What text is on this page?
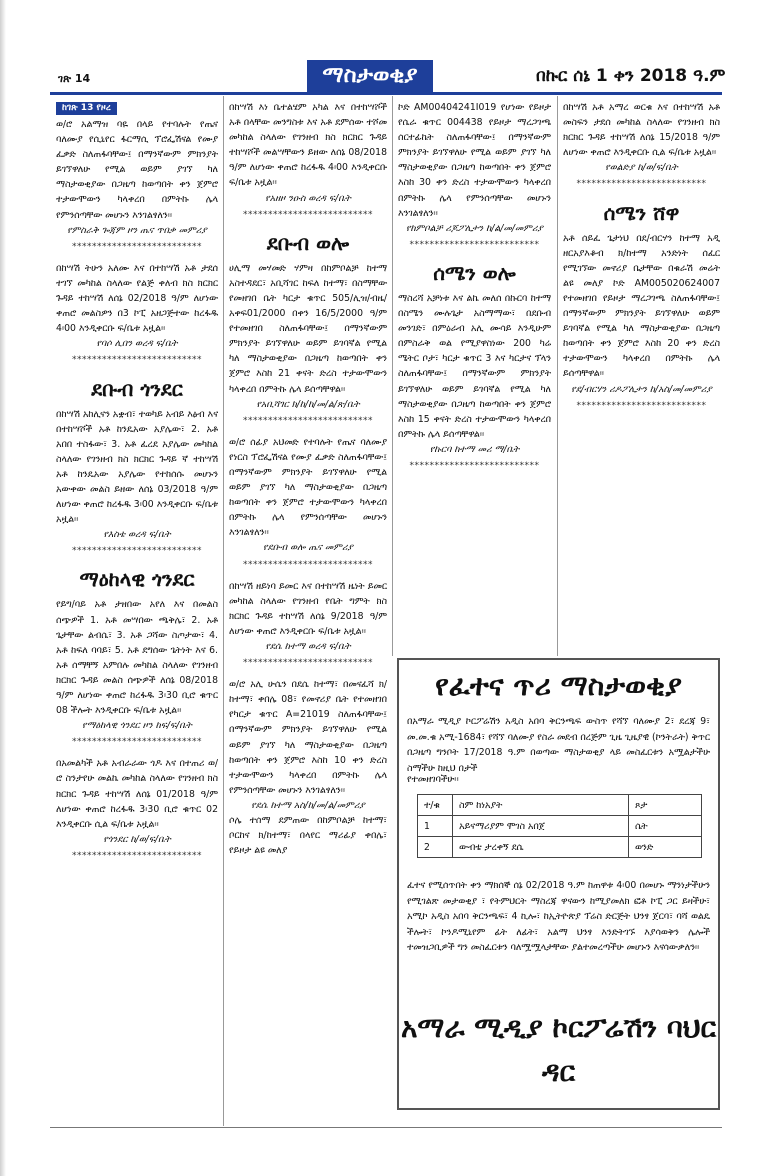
ገጽ 14	ማስታወቂያ	በኩር ሰኔ 1 ቀን 2018 ዓ.ም
ከገጽ 13 የዞረ

ወ/ሮ አልማዝ ባዬ በላይ የተባሉት የጤና ባለሙያ የሲኒየር ፋርማሲ ፕሮፌሽናል የሙያ ፈቃድ ስለጠፋባቸው፤ በማንኛውም ምክንያት ይገኘዋለሁ የሚል ወይም ያገኘ ካለ ማስታወቂያው በጋዜጣ ከወጣበት ቀን ጀምሮ ተታውሞውን ካላቀረበ በምትኩ ሌላ የምንሰጣቸው መሆኑን እንገልፃለን፡፡

የምስራቅ ጐጃም ዞን ጤና ጥበቃ መምሪያ

**************************

በከሣሽ ትሁን አለሙ እና በተከሣሽ አቶ ታደሰ ተገኘ መካከል ስላለው የልጅ ቀለብ ክስ ክርክር ጉዳይ ተከሣሽ ለሰኔ 02/2018 ዓ/ም ለሆነው ቀጠሮ መልስዎን በ3 ኮፒ አዘጋጅተው ከረፋዱ 4፡00 እንዲቀርቡ ፍ/ቤቱ አዟል፡፡

የባሶ ሊበን ወረዳ ፍ/ቤት

**************************
ደቡብ ጎንደር

በከሣሽ አከሊናን አቋብ፣ ተወካይ አብይ እፅብ እና በተከሣሾች አቶ ከንዴአው አያሌው፣ 2. አቶ አበበ ተስፋው፣ 3. አቶ ፈረደ አያሌው መካከል ስላለው የገንዘብ ክስ ክርክር ጉዳይ ኛ ተከሣሽ አቶ ከንዴአው አያሌው የተከሰሱ መሆኑን አውቀው መልስ ይዘው ለሰኔ 03/2018 ዓ/ም ለሆነው ቀጠሮ ከረፋዱ 3፡00 እንዲቀርቡ ፍ/ቤቱ አዟል፡፡

የእስቴ ወረዳ ፍ/ቤት

**************************
ማዕከላዊ ጎንደር

የይግ/ባይ አቶ ታዘበው አየለ እና በመልስ ሰጭዎች 1. አቶ መሣበው ጫቅሌ፣ 2. አቶ ጌታቸው ልብሴ፣ 3. አቶ ጋሻው ስጦታው፣ 4. አቶ ከፍለ ባባይ፣ 5. አቶ ደግሰው ጌትነት እና 6. አቶ ሰማቸኝ አምበሉ መካከል ስላለው የገንዘብ ክርክር ጉዳይ መልስ ሰጭዎች ለሰኔ 08/2018 ዓ/ም ለሆነው ቀጠሮ ከረፋዱ 3፡30 ቢሮ ቁጥር 08 ችሎት እንዲቀርቡ ፍ/ቤቱ አዟል፡፡

የማዕከላዊ ጎንደር ዞን ከፍ/ፍ/ቤት

**************************

በአመልካች አቶ አብራራው ጎዶ እና በተጠሪ ወ/ሮ ስንታየሁ መልኬ መካከል ስላለው የገንዘብ ክስ ክርክር ጉዳይ ተከሣሽ ለሰኔ 01/2018 ዓ/ም ለሆነው ቀጠሮ ከረፋዱ 3፡30 ቢሮ ቁጥር 02 እንዲቀርቡ ሲል ፍ/ቤቱ አዟል፡፡

የጎንደር ከ/ወ/ፍ/ቤት

**************************

በከሣሽ እነ ቤተልሄም አካል እና በተከሣሾች አቶ በላቸው መንግስቱ እና አቶ ደምሰው ተሾመ መካከል ስላለው የገንዘብ ክስ ክርክር ጉዳይ ተከሣሾች መልሣቸውን ይዘው ለሰኔ 08/2018 ዓ/ም ለሆነው ቀጠሮ ከረፋዱ 4፡00 እንዲቀርቡ ፍ/ቤቱ አዟል፡፡

የአዘዞ ንዑስ ወረዳ ፍ/ቤት

**************************
ደቡብ ወሎ

ሀሊማ መሃመድ ሃምዛ በከምቦልቻ ከተማ አስተዳደር፣ አቢሻገር ከፍለ ከተማ፣ በስማቸው የመዘገበ ቤት ካርታ ቁጥር 505/ሊዝ/ብዜ/አቀፍ01/2000 በቀን 16/5/2000 ዓ/ም የተመዘገበ ስለጠፋባቸው፤ በማንኛውም ምክንያት ይገኘዋለሁ ወይም ይገባኛል የሚል ካለ ማስታወቂያው በጋዜጣ ከወጣበት ቀን ጀምሮ እስከ 21 ቀናት ድረስ ተታውሞውን ካላቀረበ በምትኩ ሌላ ይሰጣቸዋል፡፡

የአቢሻገር ክ/ከ/ከ/መ/ል/ጽ/ቤት

**************************

ወ/ሮ ሰፊያ አህመድ የተባሉት የጤና ባለሙያ የነርስ ፕሮፌሽናል የሙያ ፈቃድ ስለጠፋባቸው፤ በማንኛውም ምክንያት ይገኘዋለሁ የሚል ወይም ያገኘ ካለ ማስታወቂያው በጋዜጣ ከወጣበት ቀን ጀምሮ ተታውሞውን ካላቀረበ በምትኩ ሌላ የምንሰጣቸው መሆኑን እንገልፃለን፡፡

የደቡብ ወሎ ጤና መምሪያ

**************************

በከሣሽ ዘይነባ ይመር እና በተከሣሽ ዜነት ይመር መካከል ስላለው የገንዘብ የቤት ግምት ክስ ክርክር ጉዳይ ተከሣሽ ለሰኔ 9/2018 ዓ/ም ለሆነው ቀጠሮ እንዲቀርቡ ፍ/ቤቱ አዟል፡፡

የደሴ ከተማ ወረዳ ፍ/ቤት

**************************

ወ/ሮ አሊ ሁሴን በደሴ ከተማ፣ በመናፈሻ ክ/ከተማ፣ ቀበሌ 08፣ የመኖሪያ ቤት የተመዘገበ የካርታ ቁጥር A=21019 ስለጠፋባቸው፤ በማንኛውም ምክንያት ይገኘዋለሁ የሚል ወይም ያገኘ ካለ ማስታወቂያው በጋዜጣ ከወጣበት ቀን ጀምሮ እስከ 10 ቀን ድረስ ተታውሞውን ካላቀረበ በምትኩ ሌላ የምንሰጣቸው መሆኑን እንገልፃለን፡፡

የደሴ ከተማ አስ/ከ/መ/ል/መምሪያ

ሶሌ ተሰማ ደምጠው በከምቦልቻ ከተማ፣ ቦርከና ክ/ከተማ፣ በላየር ማሪፊያ ቀበሌ፣ የይዞታ ልዩ መለያ

ኮድ AM00404241I019 የሆነው የይዞታ የሴራ ቁጥር 004438 የይዞታ ማረጋገጫ ሰርተፊኬት ስለጠፋባቸው፤ በማንኛውም ምክንያት ይገኘዋለሁ የሚል ወይም ያገኘ ካለ ማስታወቂያው በጋዜጣ ከወጣበት ቀን ጀምሮ እስከ 30 ቀን ድረስ ተታውሞውን ካላቀረበ በምትኩ ሌላ የምንሰጣቸው መሆኑን እንገልፃለን፡፡

የከምቦልቻ ሪጆፖሊታን ከ/ል/መ/መምሪያ

**************************
ሰሜን ወሎ

ማስረሻ አቻነቱ እና ልኬ መለሰ በኩርባ ከተማ በስሜን ሙሉጌታ አስማማው፣ በደቡብ መንገድ፣ በምዕራብ አሊ ሙሳይ እንዲሁም በምስራቅ ወል የሚያዋስነው 200 ካሬ ሜትር ቦታ፣ ካርታ ቁጥር 3 እና ካርታና ፕላን ስለጠፋባቸው፤ በማንኛውም ምክንያት ይገኘዋለሁ ወይም ይገባኛል የሚል ካለ ማስታወቂያው በጋዜጣ ከወጣበት ቀን ጀምሮ እስከ 15 ቀናት ድረስ ተታውሞውን ካላቀረበ በምትኩ ሌላ ይሰጣቸዋል፡፡

የኩርባ ከተማ መሪ ማ/ቤት

**************************

በከሣሽ አቶ አማረ ወርቁ እና በተከሣሽ አቶ መስፍን ታደሰ መካከል ስላለው የገንዘብ ክስ ክርክር ጉዳይ ተከሣሽ ለሰኔ 15/2018 ዓ/ም ለሆነው ቀጠሮ እንዲቀርቡ ሲል ፍ/ቤቱ አዟል፡፡

የወልድያ ከ/ወ/ፍ/ቤት

**************************
ሰሜን ሸዋ

አቶ ሰይፈ ጌታነህ በደ/ብርሃን ከተማ አዲ ዘርአያእቆብ ክ/ከተማ አንድነት ሰፈር የሚገኘው መኖሪያ ቤታቸው በቁራሽ መሬት ልዩ መለያ ኮድ AM005020624007 የተመዘገበ የይዞታ ማረጋገጫ ስለጠፋባቸው፤ በማንኛውም ምክንያት ይገኘዋለሁ ወይም ይገባኛል የሚል ካለ ማስታወቂያው በጋዜጣ ከወጣበት ቀን ጀምሮ እስከ 20 ቀን ድረስ ተታውሞውን ካላቀረበ በምትኩ ሌላ ይሰጣቸዋል፡፡

የደ/ብርሃን ሪዶፖሊታን ከ/አስ/መ/መምሪያ

**************************
የፈተና ጥሪ ማስታወቂያ

በአማራ ሚዲያ ኮርፖሬሽን አዲስ አበባ ቅርንጫፍ ውስጥ የሻኘ ባለሙያ 2፣ ደረጃ 9፣ መ.መ.ቁ አሚ-1684፣ የሻኘ ባለሙያ የስራ መደብ በረጅም ጊዜ ጊዜያዊ (ኮንትራት) ቅጥር በጋዜጣ ግንቦት 17/2018 ዓ.ም በወጣው ማስታወቂያ ላይ መስፈርቱን አሟልታችሁ ስማችሁ ከዚህ በታች

የተመዘገባችሁ፡፡

ተ/ቁ	ስም ከነአያት	ጾታ
1	አይናማሪያም ሞገስ አበጀ	ሴት
2	ውብቴ ታረቀኝ ደሴ	ወንድ

ፈተና የሚሰጥበት ቀን ማክሰኞ ሰኔ 02/2018 ዓ.ም ከጠዋቱ 4፡00 በመሆኑ ማንነታችሁን የሚገልጽ መታወቂያ ፣ የትምህርት ማስረጃ ዋናውን ከሚያመለክ ፎቶ ኮፒ ጋር ይዛችሁ፣ አሚኮ አዲስ አበባ ቅርንጫፍ፣ 4 ኪሎ፣ ከኢትዮጵያ ፕሬስ ድርጅት ህንፃ ጀርባ፣ ባሻ ወልዴ ችሎት፣ ኮንዶሚኒየም ፊት ለፊት፣ አልማ ህንፃ እንድትገኙ እያሳወቅን ሌሎች ተመዝጋቢዎች ግን መስፈርቱን ባለሟሟላታቸው ያልተመረጣችሁ መሆኑን እናሳውቃለን፡፡

አማራ ሚዲያ ኮርፖሬሽን ባህር ዳር
